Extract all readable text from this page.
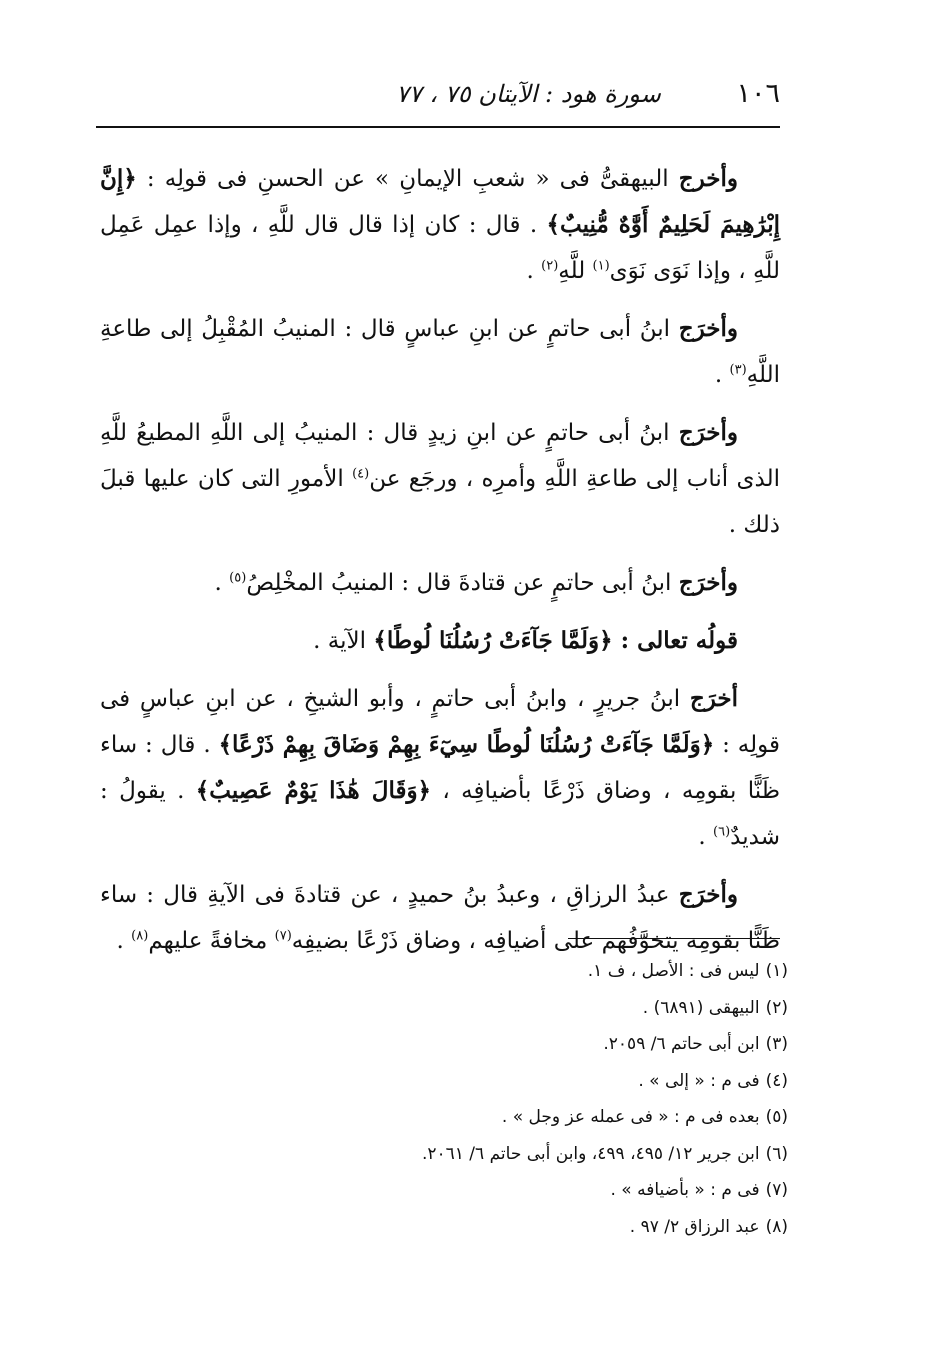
١٠٦
سورة هود : الآيتان ٧٥ ، ٧٧

وأخرج البيهقىُّ فى « شعبِ الإيمانِ » عن الحسنِ فى قولِه : ﴿إِنَّ إِبْرَٰهِيمَ لَحَلِيمٌ أَوَّٰهٌ مُّنِيبٌ﴾ . قال : كان إذا قال قال للَّهِ ، وإذا عمِل عَمِل للَّهِ ، وإذا نَوَى نَوَى$^{(١)}$ للَّهِ$^{(٢)}$ .

وأخرَج ابنُ أبى حاتمٍ عن ابنِ عباسٍ قال : المنيبُ المُقْبِلُ إلى طاعةِ اللَّهِ$^{(٣)}$ .

وأخرَج ابنُ أبى حاتمٍ عن ابنِ زيدٍ قال : المنيبُ إلى اللَّهِ المطيعُ للَّهِ الذى أناب إلى طاعةِ اللَّهِ وأمرِه ، ورجَع عن$^{(٤)}$ الأمورِ التى كان عليها قبلَ ذلك .

وأخرَج ابنُ أبى حاتمٍ عن قتادةَ قال : المنيبُ المخْلِصُ$^{(٥)}$ .

قولُه تعالى : ﴿وَلَمَّا جَآءَتْ رُسُلُنَا لُوطًا﴾ الآية .

أخرَج ابنُ جريرٍ ، وابنُ أبى حاتمٍ ، وأبو الشيخِ ، عن ابنِ عباسٍ فى قولِه : ﴿وَلَمَّا جَآءَتْ رُسُلُنَا لُوطًا سِيٓءَ بِهِمْ وَضَاقَ بِهِمْ ذَرْعًا﴾ . قال : ساء ظَنًّا بقومِه ، وضاق ذَرْعًا بأضيافِه ، ﴿وَقَالَ هَٰذَا يَوْمٌ عَصِيبٌ﴾ . يقولُ : شديدٌ$^{(٦)}$ .

وأخرَج عبدُ الرزاقِ ، وعبدُ بنُ حميدٍ ، عن قتادةَ فى الآيةِ قال : ساء ظَنًّا بقومِه يتخوَّفُهم على أضيافِه ، وضاق ذَرْعًا بضيفِه$^{(٧)}$ مخافةً عليهم$^{(٨)}$ .

(١)ليس فى : الأصل ، ف ١.
(٢)البيهقى (٦٨٩١) .
(٣)ابن أبى حاتم ٦/ ٢٠٥٩.
(٤)فى م : « إلى » .
(٥)بعده فى م : « فى عمله عز وجل » .
(٦)ابن جرير ١٢/ ٤٩٥، ٤٩٩، وابن أبى حاتم ٦/ ٢٠٦١.
(٧)فى م : « بأضيافه » .
(٨)عبد الرزاق ٢/ ٩٧ .
